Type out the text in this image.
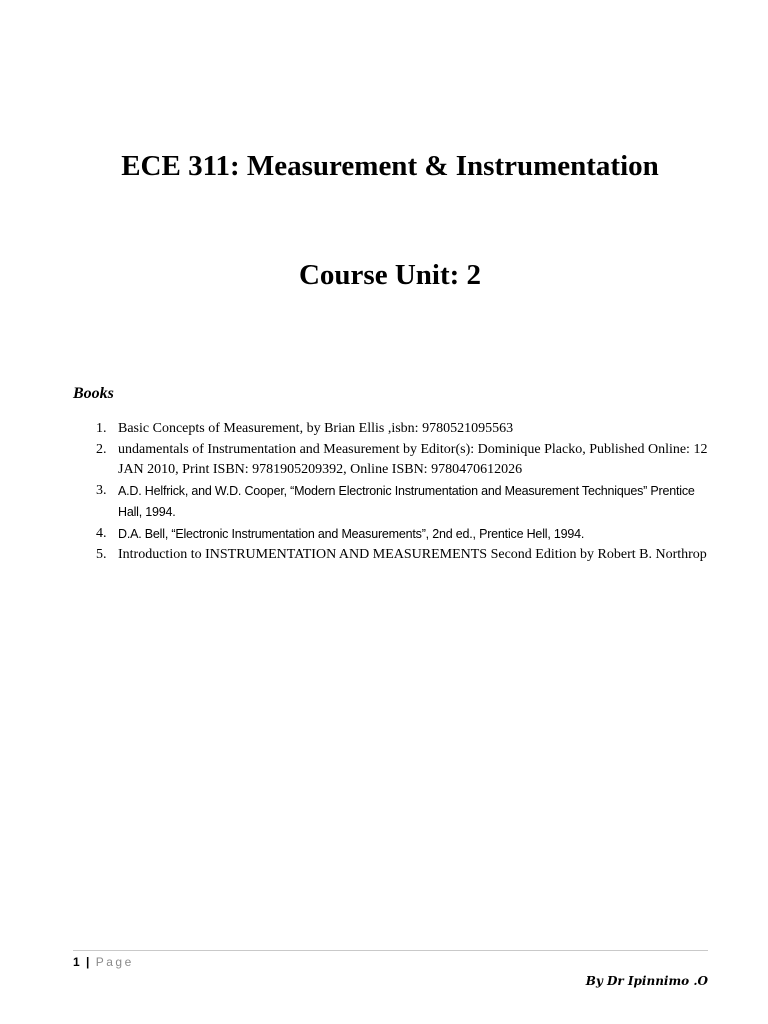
ECE 311: Measurement & Instrumentation
Course Unit: 2
Books
1. Basic Concepts of Measurement, by Brian Ellis ,isbn: 9780521095563
2. undamentals of Instrumentation and Measurement by Editor(s): Dominique Placko, Published Online: 12 JAN 2010, Print ISBN: 9781905209392, Online ISBN: 9780470612026
3. A.D. Helfrick, and W.D. Cooper, “Modern Electronic Instrumentation and Measurement Techniques” Prentice Hall, 1994.
4. D.A. Bell, “Electronic Instrumentation and Measurements”, 2nd ed., Prentice Hell, 1994.
5. Introduction to INSTRUMENTATION AND MEASUREMENTS Second Edition by Robert B. Northrop
1 | Page
By Dr Ipinnimo .O
